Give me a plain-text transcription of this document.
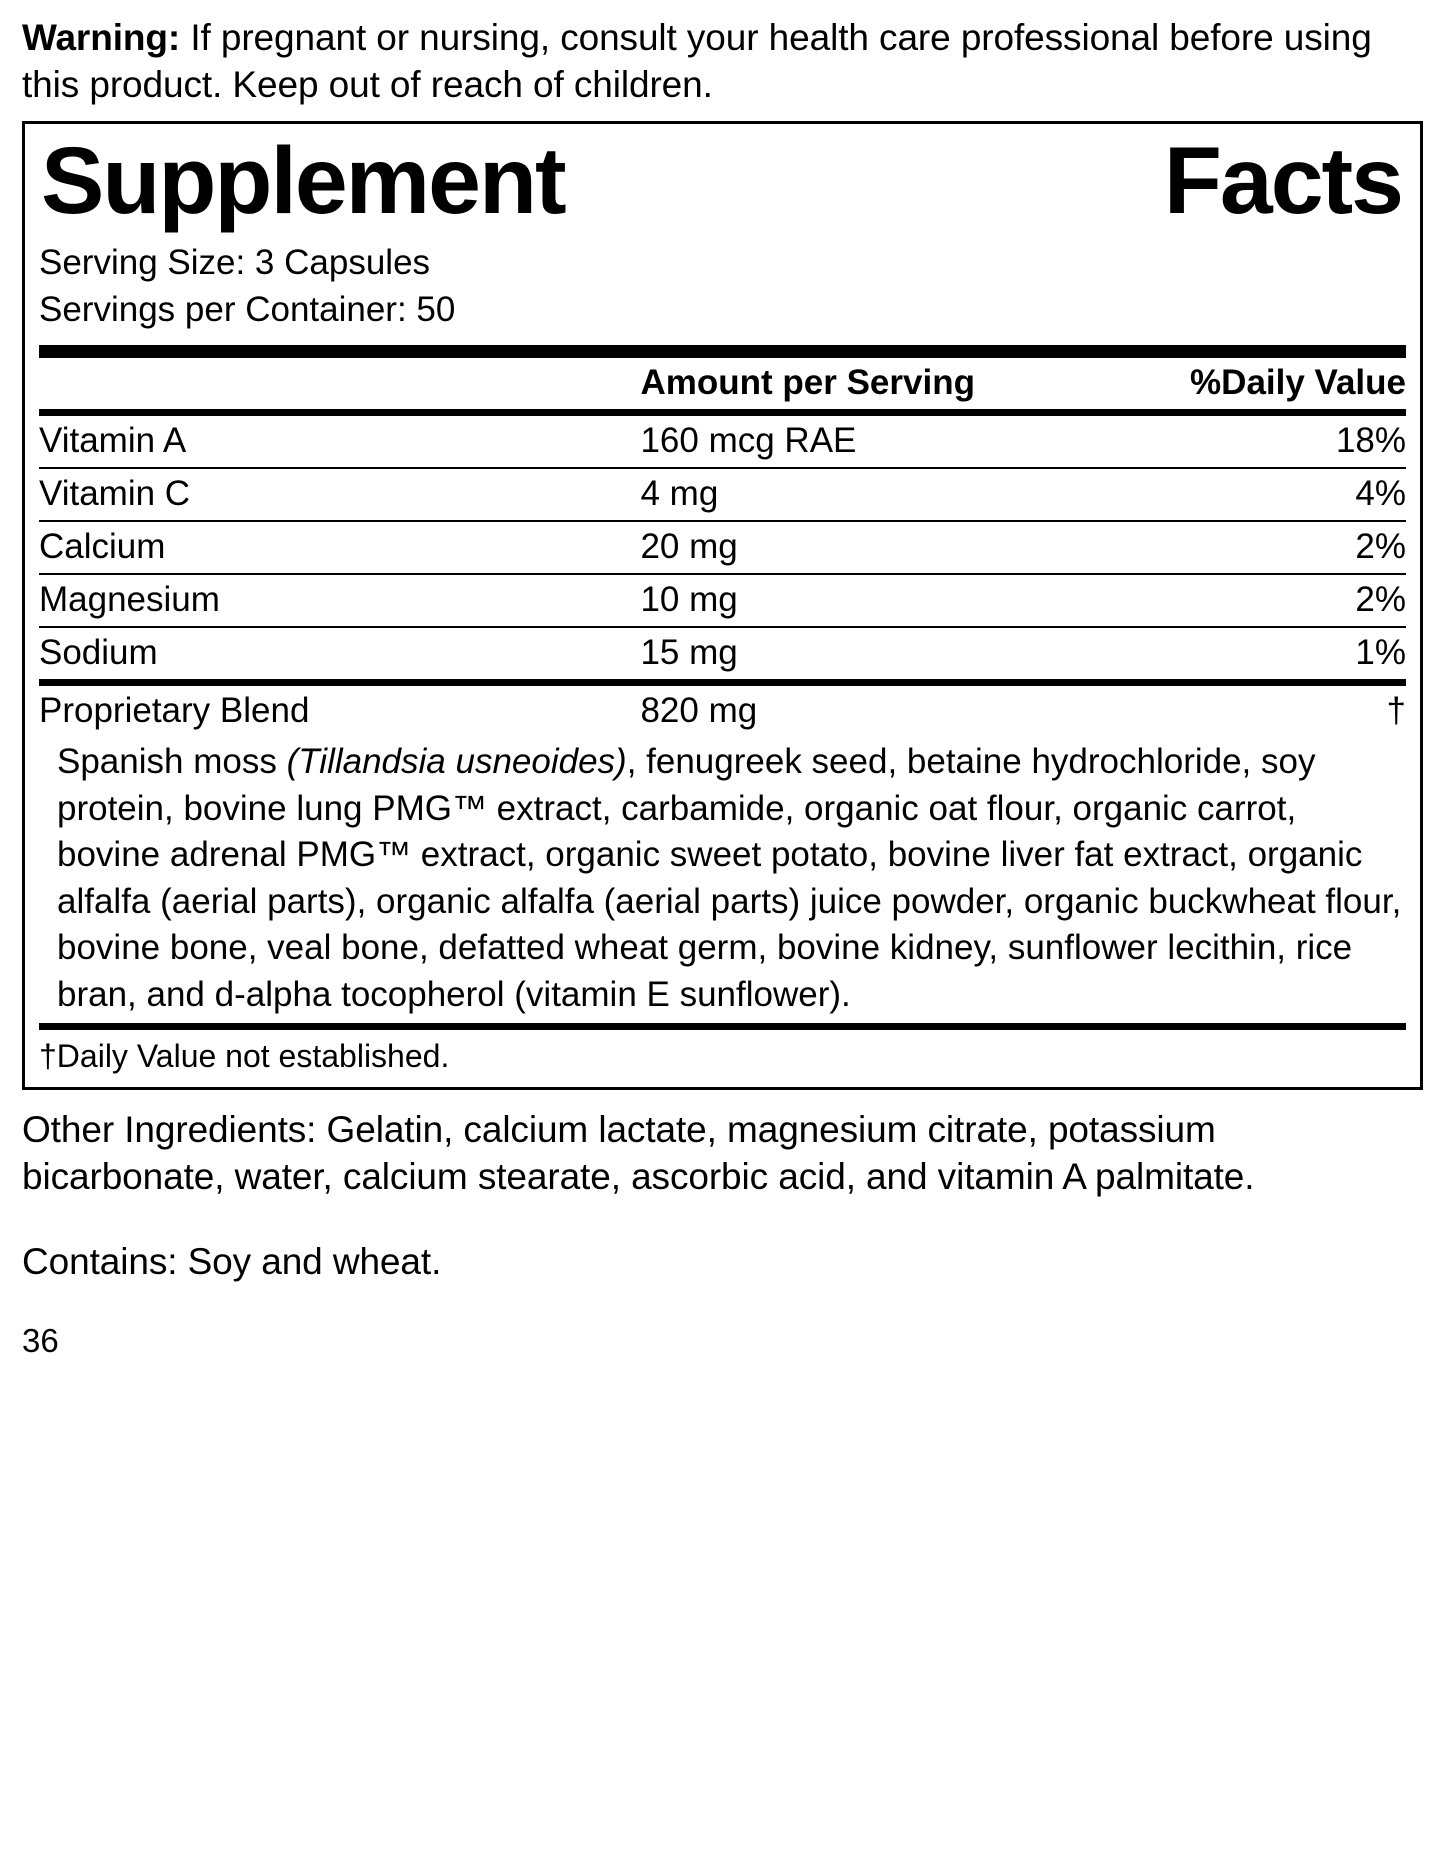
Warning: If pregnant or nursing, consult your health care professional before using this product. Keep out of reach of children.

Supplement	Facts
Serving Size: 3 Capsules
Servings per Container: 50
	Amount per Serving	%Daily Value
Vitamin A	160 mcg RAE	18%
Vitamin C	4 mg	4%
Calcium	20 mg	2%
Magnesium	10 mg	2%
Sodium	15 mg	1%
Proprietary Blend	820 mg	†
Spanish moss (Tillandsia usneoides), fenugreek seed, betaine hydrochloride, soy protein, bovine lung PMG™ extract, carbamide, organic oat flour, organic carrot, bovine adrenal PMG™ extract, organic sweet potato, bovine liver fat extract, organic alfalfa (aerial parts), organic alfalfa (aerial parts) juice powder, organic buckwheat flour, bovine bone, veal bone, defatted wheat germ, bovine kidney, sunflower lecithin, rice bran, and d-alpha tocopherol (vitamin E sunflower).
†Daily Value not established.

Other Ingredients: Gelatin, calcium lactate, magnesium citrate, potassium bicarbonate, water, calcium stearate, ascorbic acid, and vitamin A palmitate.

Contains: Soy and wheat.

36
